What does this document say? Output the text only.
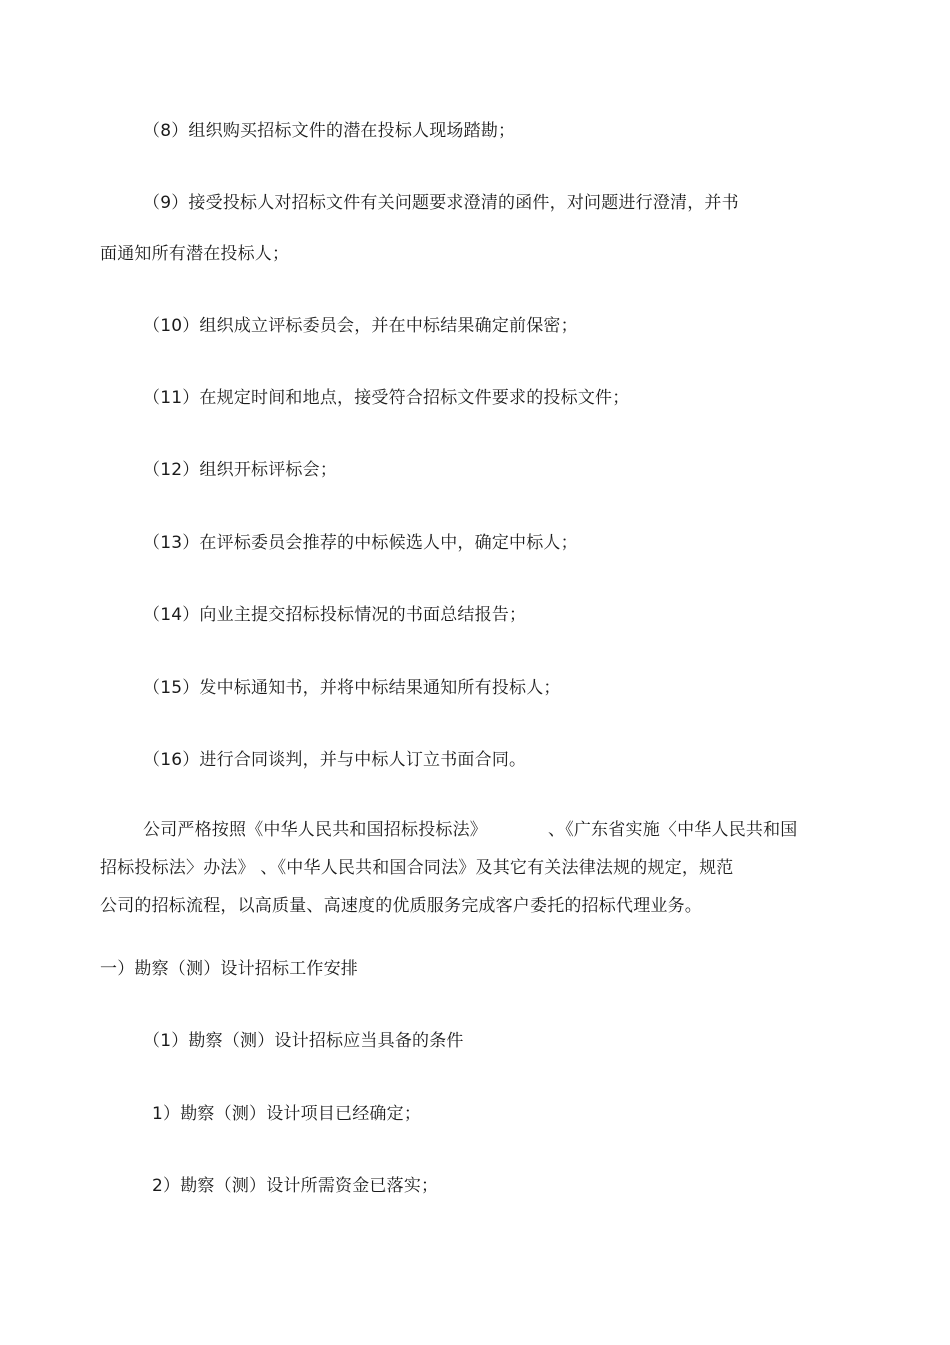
（8）组织购买招标文件的潜在投标人现场踏勘；
（9）接受投标人对招标文件有关问题要求澄清的函件，对问题进行澄清，并书
面通知所有潜在投标人；
（10）组织成立评标委员会，并在中标结果确定前保密；
（11）在规定时间和地点，接受符合招标文件要求的投标文件；
（12）组织开标评标会；
（13）在评标委员会推荐的中标候选人中，确定中标人；
（14）向业主提交招标投标情况的书面总结报告；
（15）发中标通知书，并将中标结果通知所有投标人；
（16）进行合同谈判，并与中标人订立书面合同。
公司严格按照《中华人民共和国招标投标法》	、《广东省实施〈中华人民共和国
招标投标法〉办法》 、《中华人民共和国合同法》及其它有关法律法规的规定，规范
公司的招标流程，以高质量、高速度的优质服务完成客户委托的招标代理业务。
一）勘察（测）设计招标工作安排
（1）勘察（测）设计招标应当具备的条件
1）勘察（测）设计项目已经确定；
2）勘察（测）设计所需资金已落实；
